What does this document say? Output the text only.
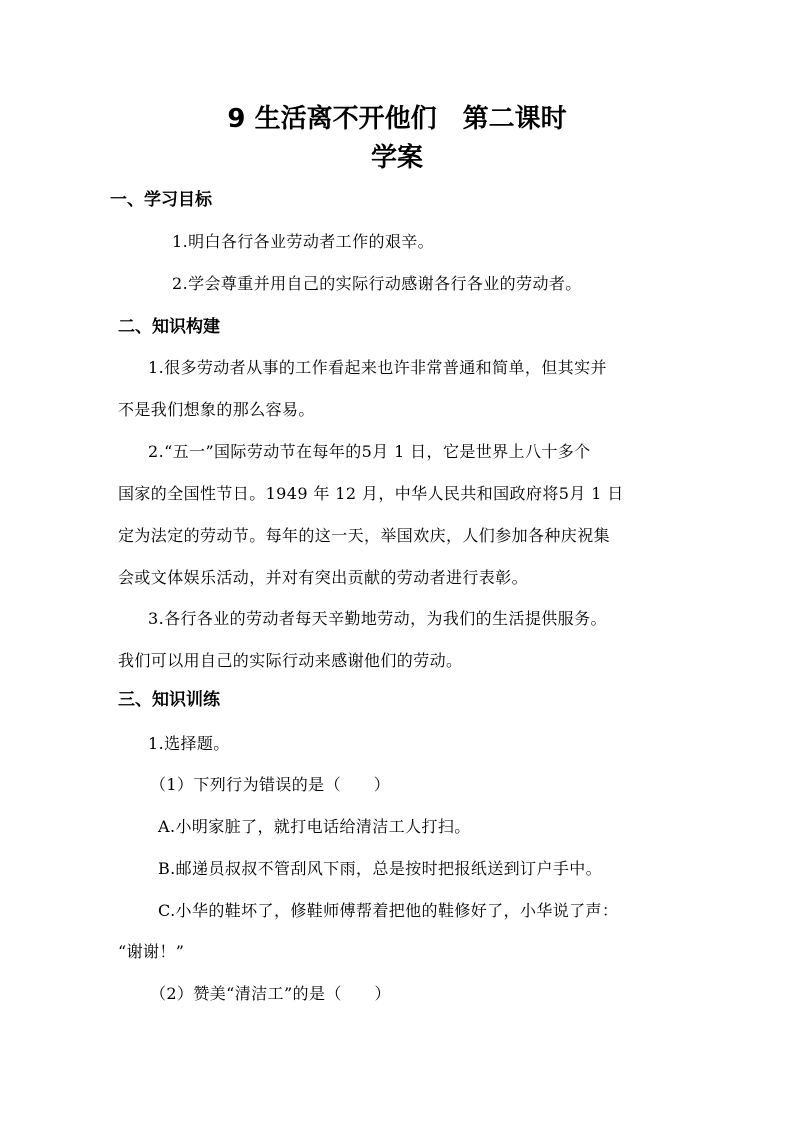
9 生活离不开他们　第二课时
学案
一、学习目标
1.明白各行各业劳动者工作的艰辛。
2.学会尊重并用自己的实际行动感谢各行各业的劳动者。
二、知识构建
1.很多劳动者从事的工作看起来也许非常普通和简单，但其实并
不是我们想象的那么容易。
2.“五一”国际劳动节在每年的5月 1 日，它是世界上八十多个
国家的全国性节日。1949 年 12 月，中华人民共和国政府将5月 1 日
定为法定的劳动节。每年的这一天，举国欢庆，人们参加各种庆祝集
会或文体娱乐活动，并对有突出贡献的劳动者进行表彰。
3.各行各业的劳动者每天辛勤地劳动，为我们的生活提供服务。
我们可以用自己的实际行动来感谢他们的劳动。
三、知识训练
1.选择题。
（1）下列行为错误的是（　　）
A.小明家脏了，就打电话给清洁工人打扫。
B.邮递员叔叔不管刮风下雨，总是按时把报纸送到订户手中。
C.小华的鞋坏了，修鞋师傅帮着把他的鞋修好了，小华说了声：
“谢谢！”
（2）赞美“清洁工”的是（　　）
